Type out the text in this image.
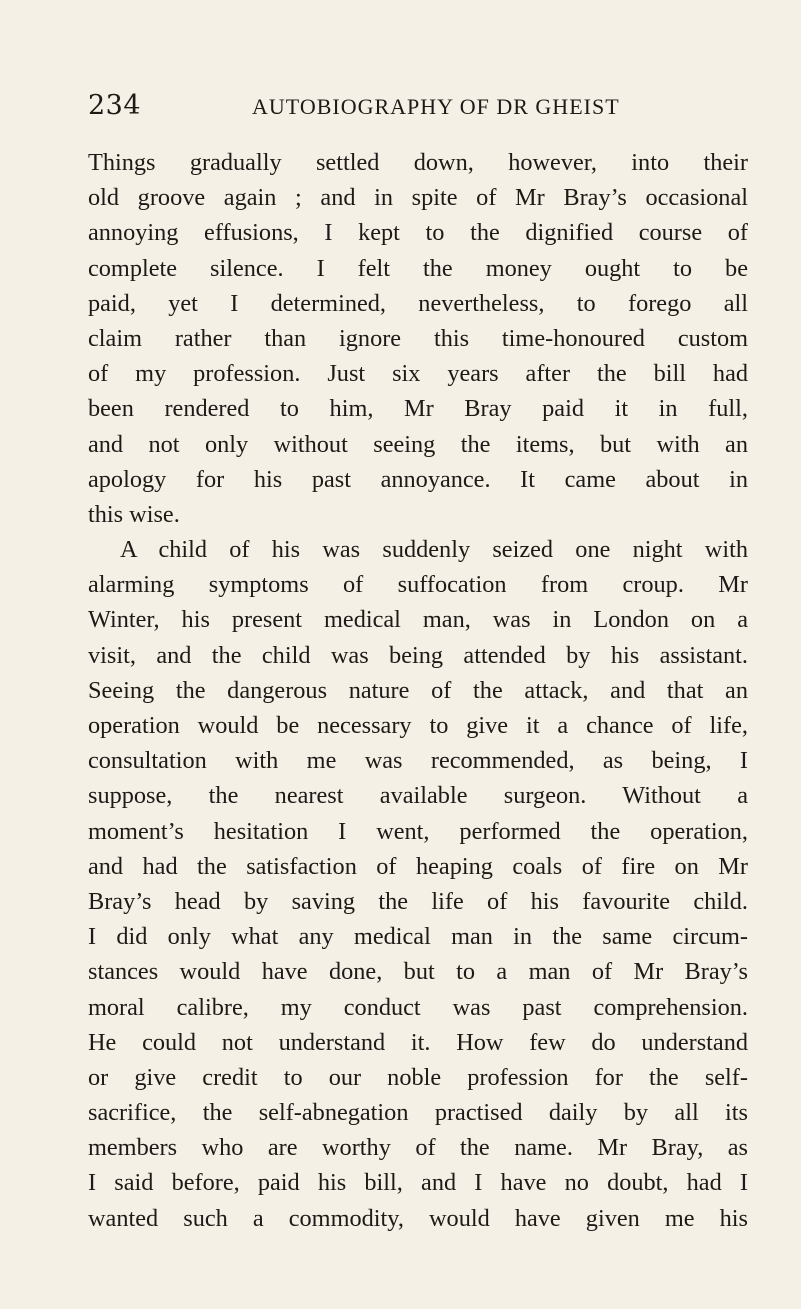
234	AUTOBIOGRAPHY OF DR GHEIST
Things gradually settled down, however, into their
old groove again ; and in spite of Mr Bray’s occasional
annoying effusions, I kept to the dignified course of
complete silence. I felt the money ought to be
paid, yet I determined, nevertheless, to forego all
claim rather than ignore this time-honoured custom
of my profession. Just six years after the bill had
been rendered to him, Mr Bray paid it in full,
and not only without seeing the items, but with an
apology for his past annoyance. It came about in
this wise.
A child of his was suddenly seized one night with
alarming symptoms of suffocation from croup. Mr
Winter, his present medical man, was in London on a
visit, and the child was being attended by his assistant.
Seeing the dangerous nature of the attack, and that an
operation would be necessary to give it a chance of life,
consultation with me was recommended, as being, I
suppose, the nearest available surgeon. Without a
moment’s hesitation I went, performed the operation,
and had the satisfaction of heaping coals of fire on Mr
Bray’s head by saving the life of his favourite child.
I did only what any medical man in the same circum-
stances would have done, but to a man of Mr Bray’s
moral calibre, my conduct was past comprehension.
He could not understand it. How few do understand
or give credit to our noble profession for the self-
sacrifice, the self-abnegation practised daily by all its
members who are worthy of the name. Mr Bray, as
I said before, paid his bill, and I have no doubt, had I
wanted such a commodity, would have given me his
